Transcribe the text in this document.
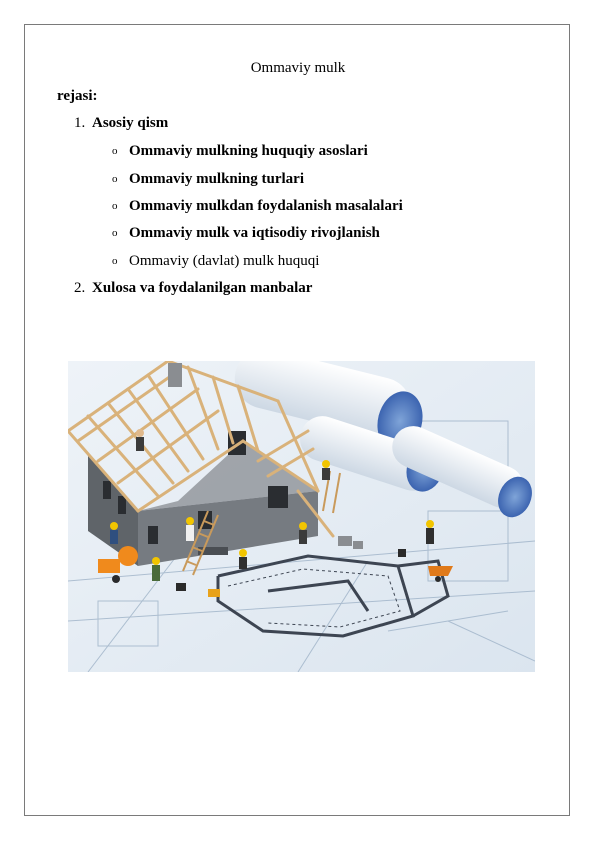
Ommaviy mulk
rejasi:
1. Asosiy qism
o Ommaviy mulkning huquqiy asoslari
o Ommaviy mulkning turlari
o Ommaviy mulkdan foydalanish masalalari
o Ommaviy mulk va iqtisodiy rivojlanish
o Ommaviy (davlat) mulk huquqi
2. Xulosa va foydalanilgan manbalar
